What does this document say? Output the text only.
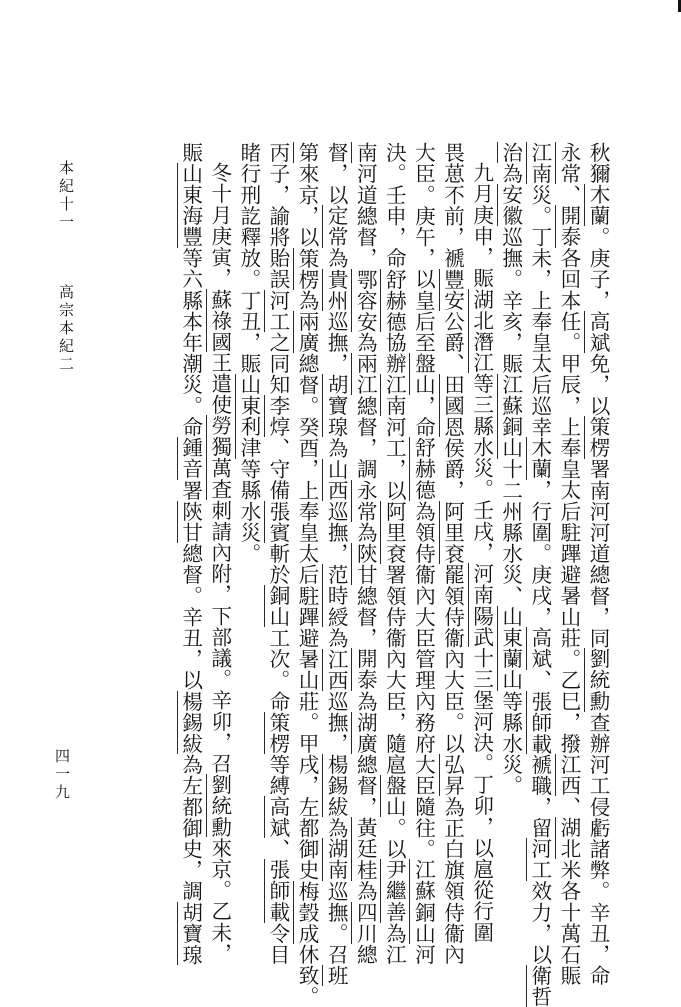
本紀十一高宗本紀二
四一九
秋獮木蘭。庚子，高斌免，以策楞署南河河道總督，同劉統勳查辦河工侵虧諸弊。辛丑，命
永常、開泰各回本任。甲辰，上奉皇太后駐蹕避暑山莊。乙巳，撥江西、湖北米各十萬石賑
江南災。丁未，上奉皇太后巡幸木蘭，行圍。庚戌，高斌、張師載褫職，留河工效力，以衛哲
治為安徽巡撫。辛亥，賑江蘇銅山十二州縣水災、山東蘭山等縣水災。
九月庚申，賑湖北潛江等三縣水災。壬戌，河南陽武十三堡河決。丁卯，以扈從行圍
畏葸不前，褫豐安公爵、田國恩侯爵，阿里袞罷領侍衞內大臣。以弘昇為正白旗領侍衞內
大臣。庚午，以皇后至盤山，命舒赫德為領侍衞內大臣管理內務府大臣隨往。江蘇銅山河
決。壬申，命舒赫德協辦江南河工，以阿里袞署領侍衞內大臣，隨扈盤山。以尹繼善為江
南河道總督，鄂容安為兩江總督，調永常為陝甘總督，開泰為湖廣總督，黃廷桂為四川總
督，以定常為貴州巡撫，胡寶瑔為山西巡撫，范時綬為江西巡撫，楊錫紱為湖南巡撫。召班
第來京，以策楞為兩廣總督。癸酉，上奉皇太后駐蹕避暑山莊。甲戌，左都御史梅瑴成休致。
丙子，諭將貽誤河工之同知李焞、守備張賓斬於銅山工次。命策楞等縛高斌、張師載令目
睹行刑訖釋放。丁丑，賑山東利津等縣水災。
冬十月庚寅，蘇祿國王遣使勞獨萬査刺請內附，下部議。辛卯，召劉統勳來京。乙未，
賑山東海豐等六縣本年潮災。命鍾音署陝甘總督。辛丑，以楊錫紱為左都御史，調胡寶瑔
